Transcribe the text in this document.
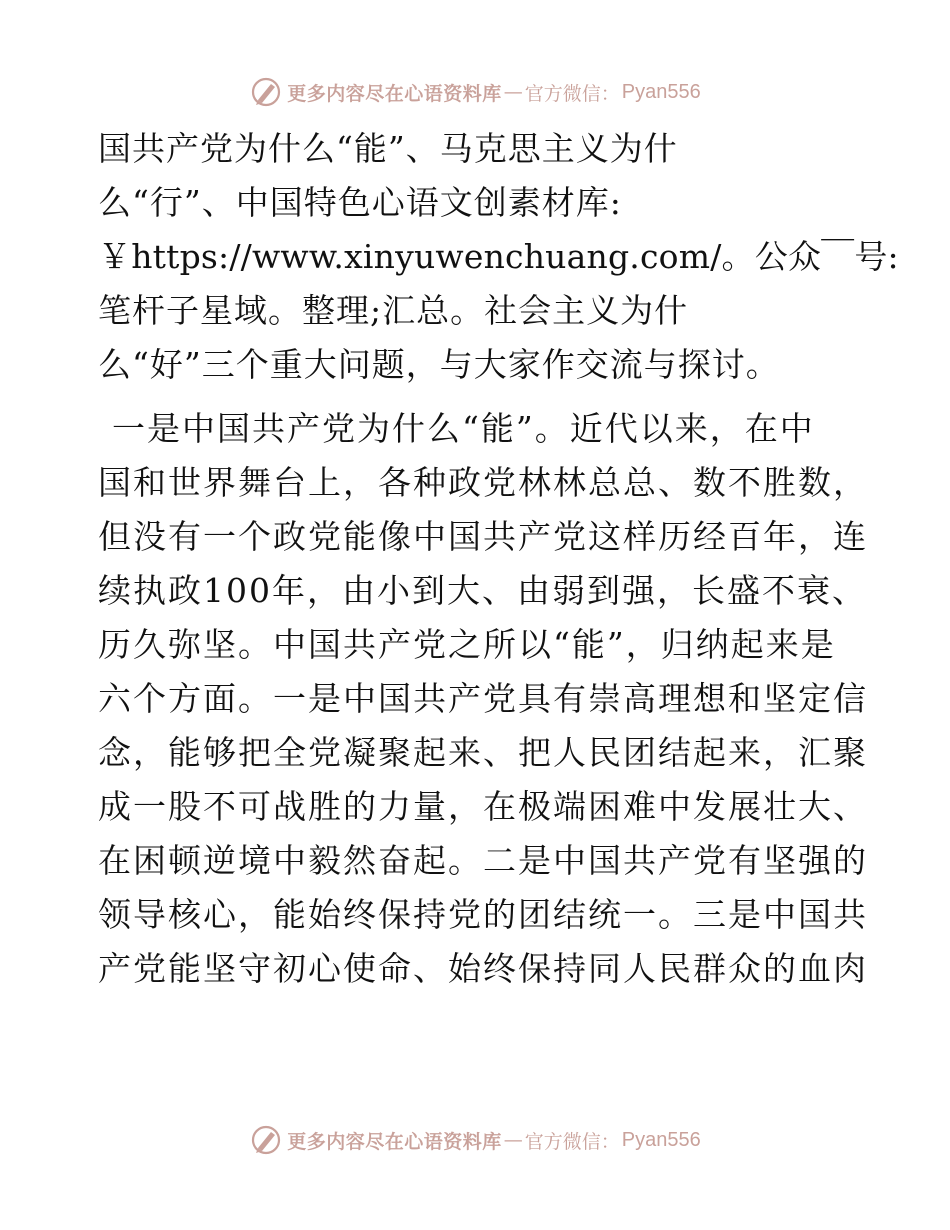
更多内容尽在心语资料库 — 官方微信： Pyan556
国共产党为什么“能”、马克思主义为什
么“行”、中国特色心语文创素材库:
￥https://www.xinyuwenchuang.com/。公众￣号:
笔杆子星域。整理;汇总。社会主义为什
么“好”三个重大问题，与大家作交流与探讨。
一是中国共产党为什么“能”。近代以来，在中
国和世界舞台上，各种政党林林总总、数不胜数，
但没有一个政党能像中国共产党这样历经百年，连
续执政100年，由小到大、由弱到强，长盛不衰、
历久弥坚。中国共产党之所以“能”，归纳起来是
六个方面。一是中国共产党具有崇高理想和坚定信
念，能够把全党凝聚起来、把人民团结起来，汇聚
成一股不可战胜的力量，在极端困难中发展壮大、
在困顿逆境中毅然奋起。二是中国共产党有坚强的
领导核心，能始终保持党的团结统一。三是中国共
产党能坚守初心使命、始终保持同人民群众的血肉
更多内容尽在心语资料库 — 官方微信： Pyan556
